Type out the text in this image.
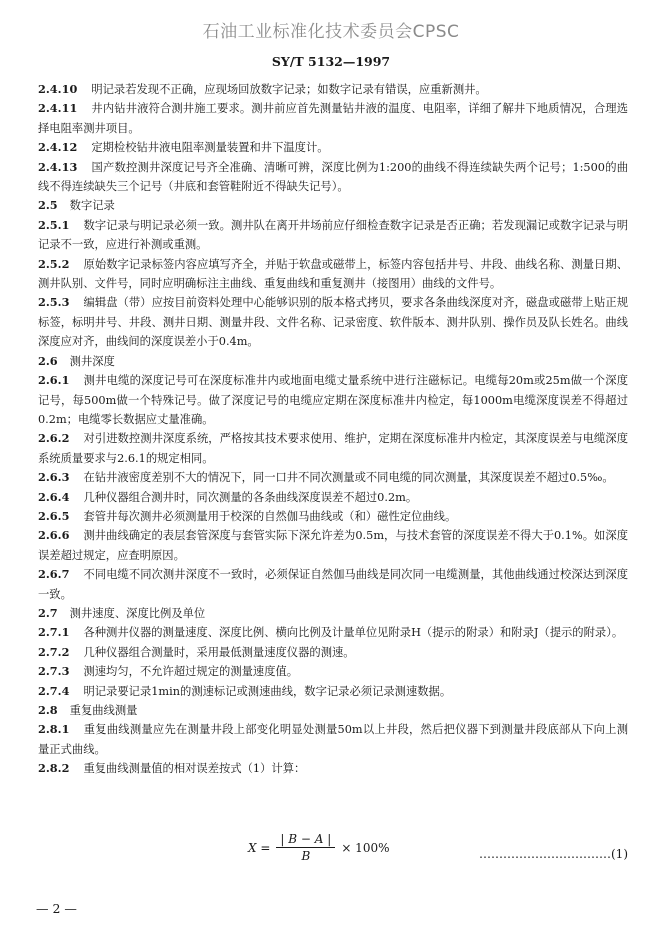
石油工业标准化技术委员会CPSC
SY/T 5132—1997
2.4.10 明记录若发现不正确，应现场回放数字记录；如数字记录有错误，应重新测井。
2.4.11 井内钻井液符合测井施工要求。测井前应首先测量钻井液的温度、电阻率，详细了解井下地质情况，合理选择电阻率测井项目。
2.4.12 定期检校钻井液电阻率测量装置和井下温度计。
2.4.13 国产数控测井深度记号齐全准确、清晰可辨，深度比例为1:200的曲线不得连续缺失两个记号；1:500的曲线不得连续缺失三个记号（井底和套管鞋附近不得缺失记号）。
2.5 数字记录
2.5.1 数字记录与明记录必须一致。测井队在离开井场前应仔细检查数字记录是否正确；若发现漏记或数字记录与明记录不一致，应进行补测或重测。
2.5.2 原始数字记录标签内容应填写齐全，并贴于软盘或磁带上，标签内容包括井号、井段、曲线名称、测量日期、测井队别、文件号，同时应明确标注主曲线、重复曲线和重复测井（接图用）曲线的文件号。
2.5.3 编辑盘（带）应按目前资料处理中心能够识别的版本格式拷贝，要求各条曲线深度对齐，磁盘或磁带上贴正规标签，标明井号、井段、测井日期、测量井段、文件名称、记录密度、软件版本、测井队别、操作员及队长姓名。曲线深度应对齐，曲线间的深度误差小于0.4m。
2.6 测井深度
2.6.1 测井电缆的深度记号可在深度标准井内或地面电缆丈量系统中进行注磁标记。电缆每20m或25m做一个深度记号，每500m做一个特殊记号。做了深度记号的电缆应定期在深度标准井内检定，每1000m电缆深度误差不得超过0.2m；电缆零长数据应丈量准确。
2.6.2 对引进数控测井深度系统，严格按其技术要求使用、维护，定期在深度标准井内检定，其深度误差与电缆深度系统质量要求与2.6.1的规定相同。
2.6.3 在钻井液密度差别不大的情况下，同一口井不同次测量或不同电缆的同次测量，其深度误差不超过0.5‰。
2.6.4 几种仪器组合测井时，同次测量的各条曲线深度误差不超过0.2m。
2.6.5 套管井每次测井必须测量用于校深的自然伽马曲线或（和）磁性定位曲线。
2.6.6 测井曲线确定的表层套管深度与套管实际下深允许差为0.5m，与技术套管的深度误差不得大于0.1%。如深度误差超过规定，应查明原因。
2.6.7 不同电缆不同次测井深度不一致时，必须保证自然伽马曲线是同次同一电缆测量，其他曲线通过校深达到深度一致。
2.7 测井速度、深度比例及单位
2.7.1 各种测井仪器的测量速度、深度比例、横向比例及计量单位见附录H（提示的附录）和附录J（提示的附录）。
2.7.2 几种仪器组合测量时，采用最低测量速度仪器的测速。
2.7.3 测速均匀，不允许超过规定的测量速度值。
2.7.4 明记录要记录1min的测速标记或测速曲线，数字记录必须记录测速数据。
2.8 重复曲线测量
2.8.1 重复曲线测量应先在测量井段上部变化明显处测量50m以上井段，然后把仪器下到测量井段底部从下向上测量正式曲线。
2.8.2 重复曲线测量值的相对误差按式（1）计算：
$X = \frac{| B - A |}{B} \times 100\%$	……………………………(1)
— 2 —
